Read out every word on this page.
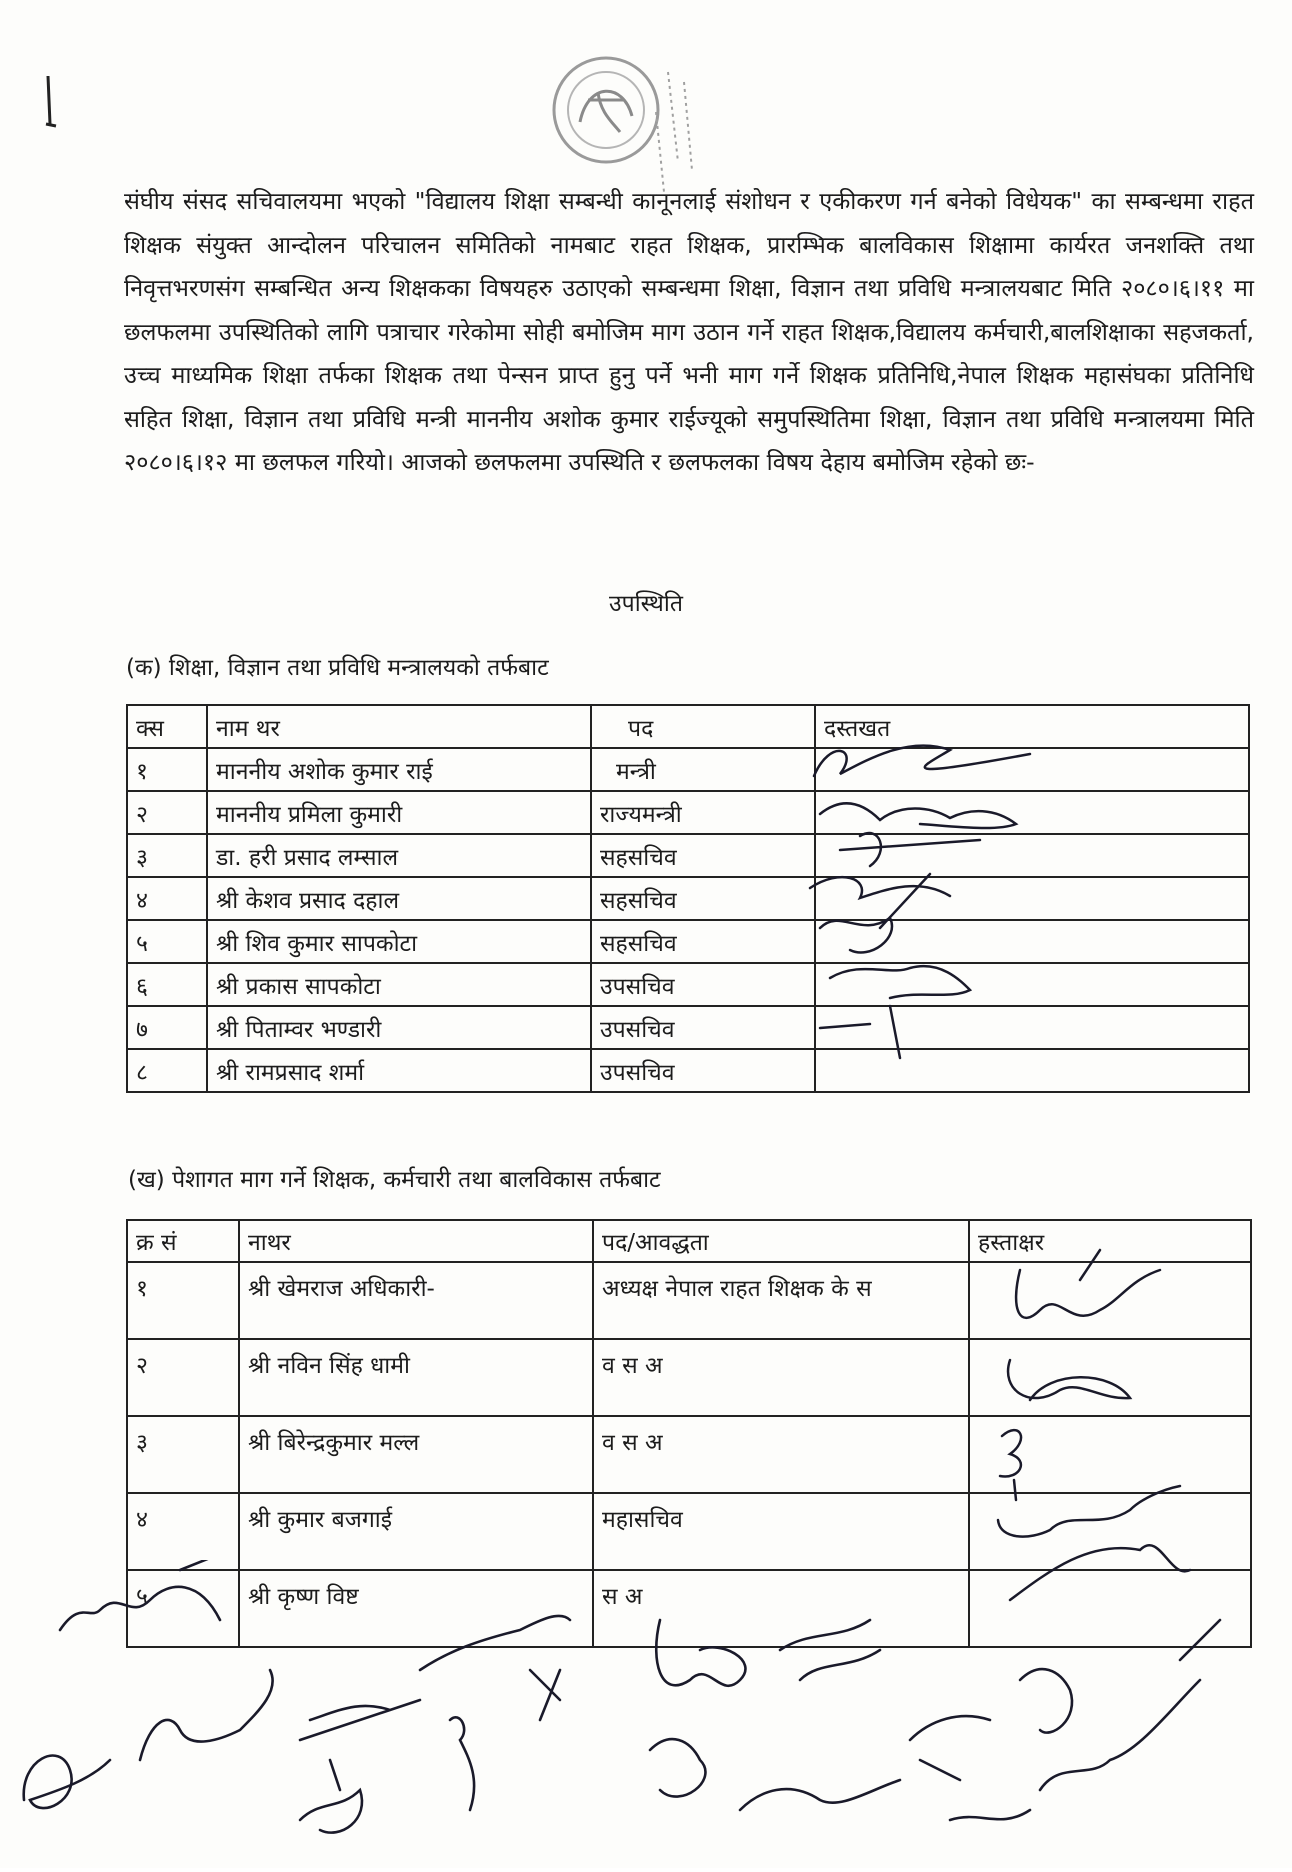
संघीय संसद सचिवालयमा भएको "विद्यालय शिक्षा सम्बन्धी कानूनलाई संशोधन र एकीकरण गर्न बनेको विधेयक" का सम्बन्धमा राहत शिक्षक संयुक्त आन्दोलन परिचालन समितिको नामबाट राहत शिक्षक, प्रारम्भिक बालविकास शिक्षामा कार्यरत जनशक्ति तथा निवृत्तभरणसंग सम्बन्धित अन्य शिक्षकका विषयहरु उठाएको सम्बन्धमा शिक्षा, विज्ञान तथा प्रविधि मन्त्रालयबाट मिति २०८०।६।११ मा छलफलमा उपस्थितिको लागि पत्राचार गरेकोमा सोही बमोजिम माग उठान गर्ने राहत शिक्षक,विद्यालय कर्मचारी,बालशिक्षाका सहजकर्ता, उच्च माध्यमिक शिक्षा तर्फका शिक्षक तथा पेन्सन प्राप्त हुनु पर्ने भनी माग गर्ने शिक्षक प्रतिनिधि,नेपाल शिक्षक महासंघका प्रतिनिधि सहित शिक्षा, विज्ञान तथा प्रविधि मन्त्री माननीय अशोक कुमार राईज्यूको समुपस्थितिमा शिक्षा, विज्ञान तथा प्रविधि मन्त्रालयमा मिति २०८०।६।१२ मा छलफल गरियो। आजको छलफलमा उपस्थिति र छलफलका विषय देहाय बमोजिम रहेको छः-
उपस्थिति
(क) शिक्षा, विज्ञान तथा प्रविधि मन्त्रालयको तर्फबाट
क्स	नाम थर	पद	दस्तखत
१	माननीय अशोक कुमार राई	मन्त्री	
२	माननीय प्रमिला कुमारी	राज्यमन्त्री	
३	डा. हरी प्रसाद लम्साल	सहसचिव	
४	श्री केशव प्रसाद दहाल	सहसचिव	
५	श्री शिव कुमार सापकोटा	सहसचिव	
६	श्री प्रकास सापकोटा	उपसचिव	
७	श्री पिताम्वर भण्डारी	उपसचिव	
८	श्री रामप्रसाद शर्मा	उपसचिव	
(ख) पेशागत माग गर्ने शिक्षक, कर्मचारी तथा बालविकास तर्फबाट
क्र सं	नाथर	पद/आवद्धता	हस्ताक्षर
१	श्री खेमराज अधिकारी-	अध्यक्ष नेपाल राहत शिक्षक के स	
२	श्री नविन सिंह धामी	व स अ	
३	श्री बिरेन्द्रकुमार मल्ल	व स अ	
४	श्री कुमार बजगाई	महासचिव	
५	श्री कृष्ण विष्ट	स अ	
